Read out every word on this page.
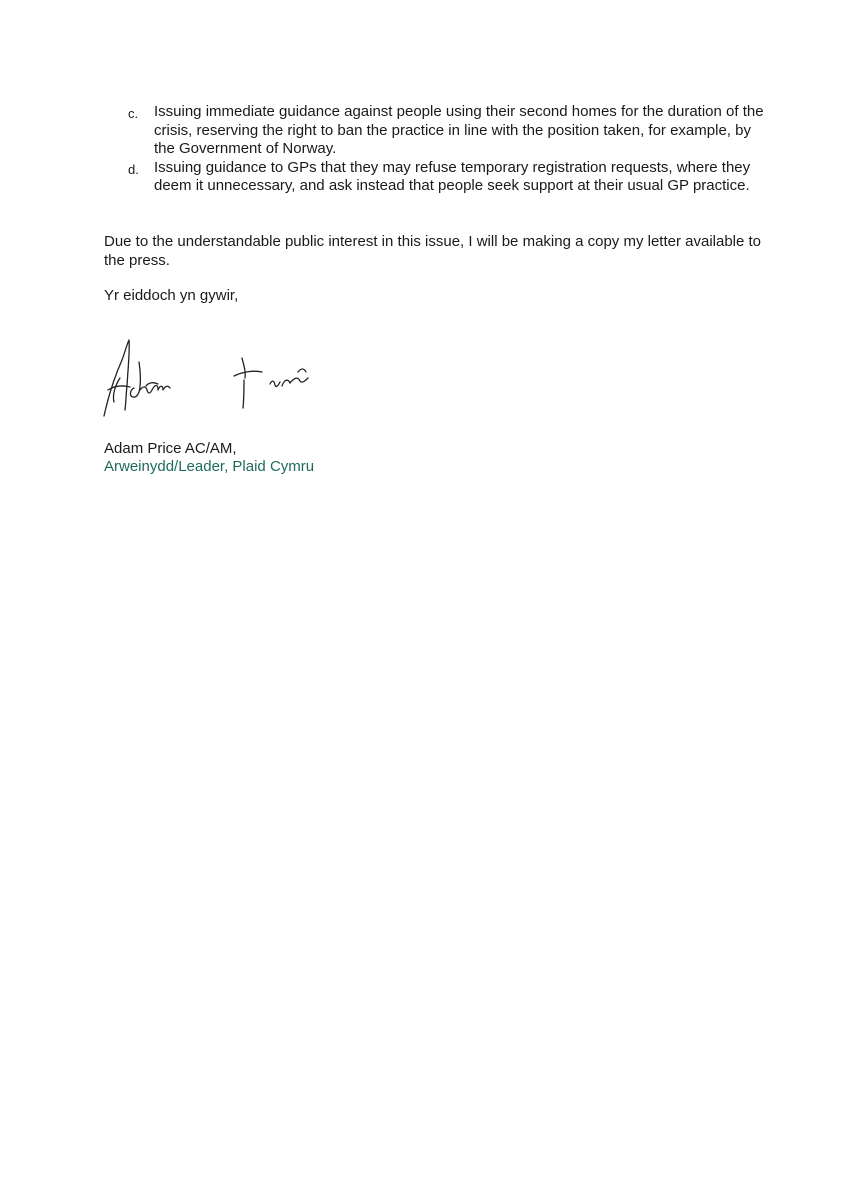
c.	Issuing immediate guidance against people using their second homes for the duration of the crisis, reserving the right to ban the practice in line with the position taken, for example, by the Government of Norway.
d.	Issuing guidance to GPs that they may refuse temporary registration requests, where they deem it unnecessary, and ask instead that people seek support at their usual GP practice.

Due to the understandable public interest in this issue, I will be making a copy my letter available to the press.

Yr eiddoch yn gywir,

Adam Price AC/AM,
Arweinydd/Leader, Plaid Cymru
